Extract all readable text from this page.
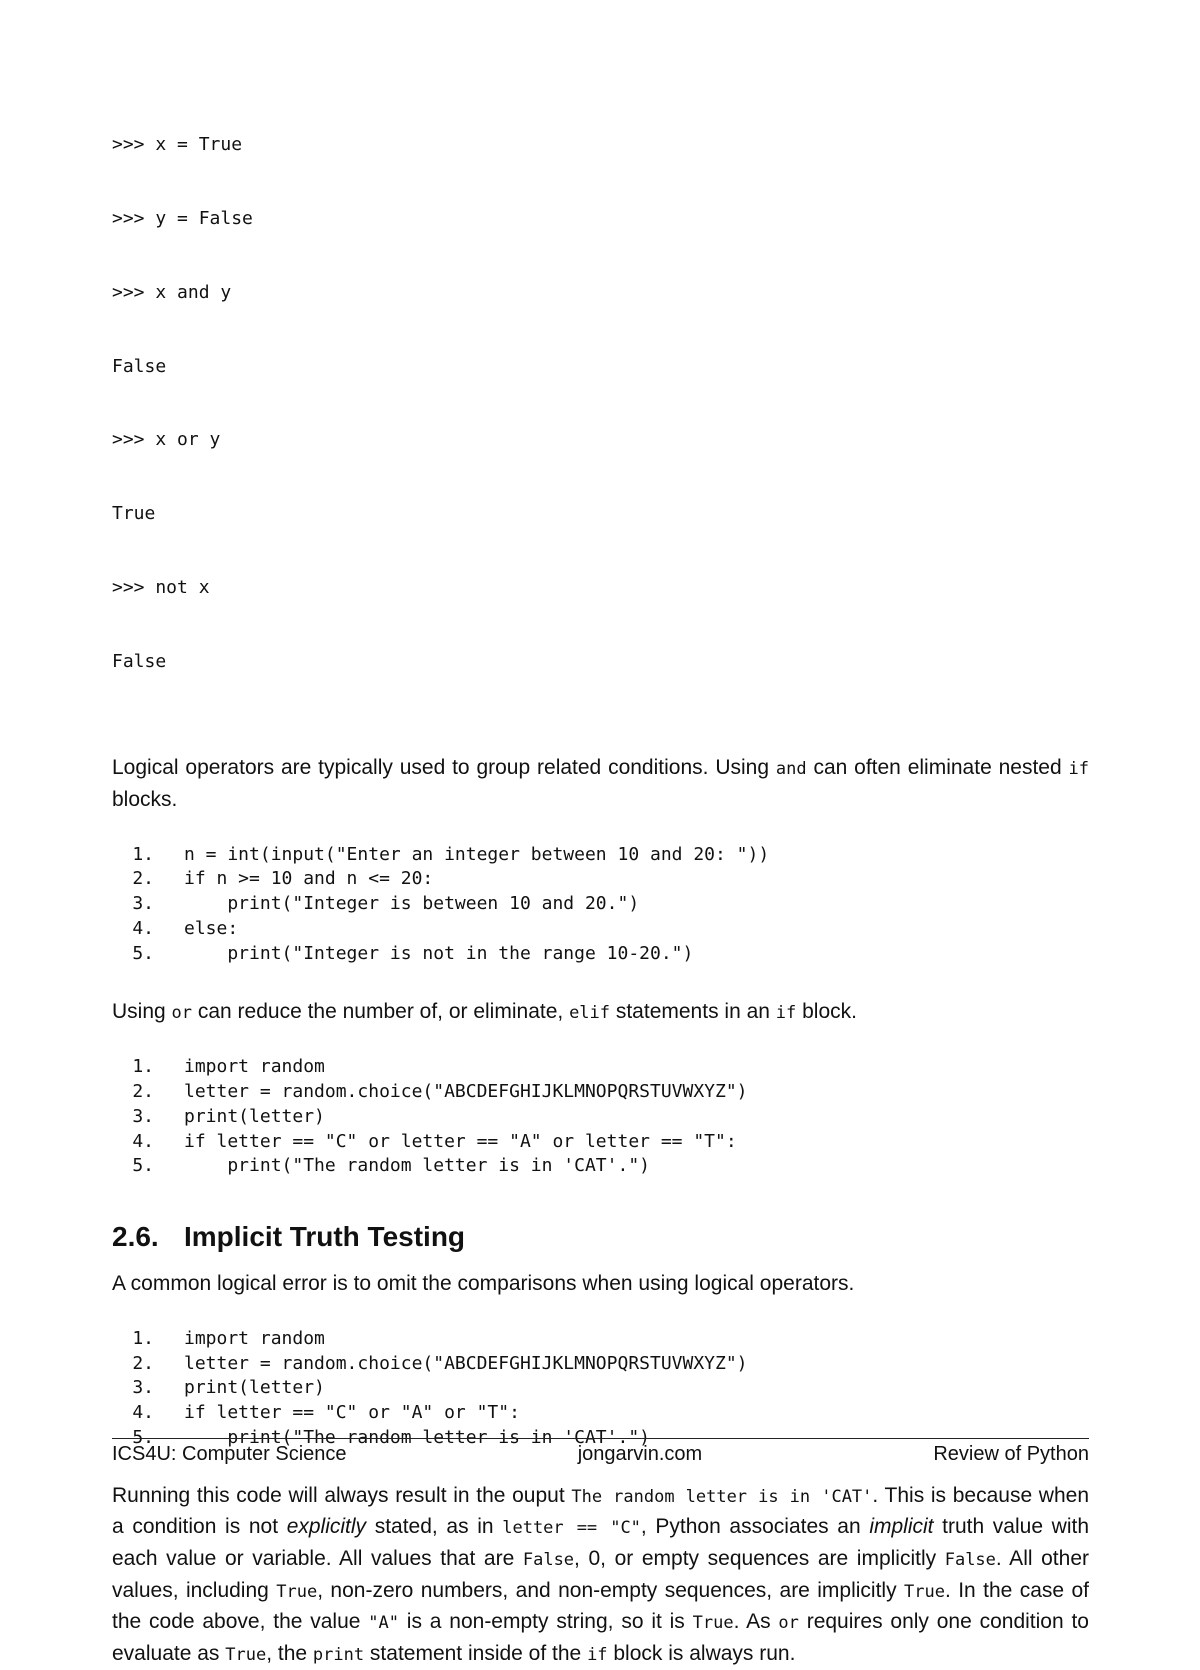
>>> x = True

>>> y = False

>>> x and y

False

>>> x or y

True

>>> not x

False

Logical operators are typically used to group related conditions. Using and can often eliminate nested if blocks.

1.	n = int(input("Enter an integer between 10 and 20: "))
2.	if n >= 10 and n <= 20:
3.	print("Integer is between 10 and 20.")
4.	else:
5.	print("Integer is not in the range 10-20.")

Using or can reduce the number of, or eliminate, elif statements in an if block.

1.	import random
2.	letter = random.choice("ABCDEFGHIJKLMNOPQRSTUVWXYZ")
3.	print(letter)
4.	if letter == "C" or letter == "A" or letter == "T":
5.	print("The random letter is in 'CAT'.")
2.6. Implicit Truth Testing

A common logical error is to omit the comparisons when using logical operators.

1.	import random
2.	letter = random.choice("ABCDEFGHIJKLMNOPQRSTUVWXYZ")
3.	print(letter)
4.	if letter == "C" or "A" or "T":
5.	print("The random letter is in 'CAT'.")

Running this code will always result in the ouput The random letter is in 'CAT'. This is because when a condition is not explicitly stated, as in letter == "C", Python associates an implicit truth value with each value or variable. All values that are False, 0, or empty sequences are implicitly False. All other values, including True, non-zero numbers, and non-empty sequences, are implicitly True. In the case of the code above, the value "A" is a non-empty string, so it is True. As or requires only one condition to evaluate as True, the print statement inside of the if block is always run.

ICS4U: Computer Science	jongarvin.com	Review of Python
